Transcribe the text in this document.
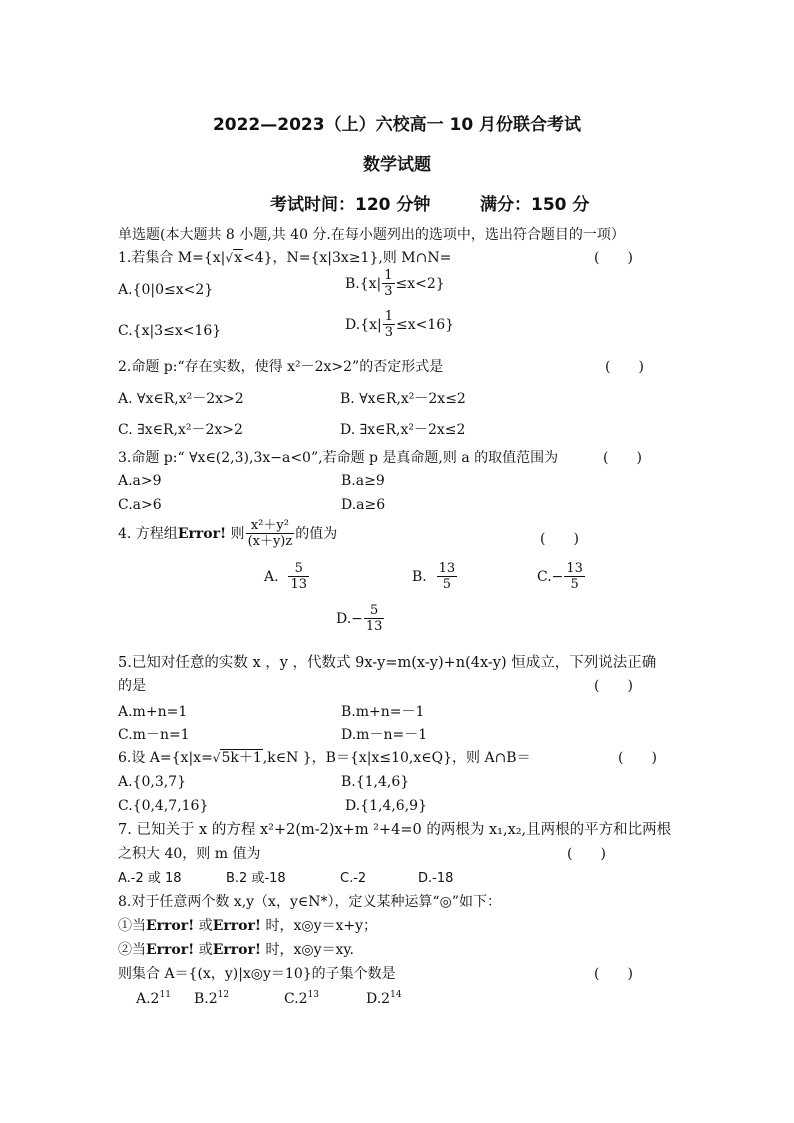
2022—2023（上）六校高一 10 月份联合考试
数学试题
考试时间：120 分钟	满分：150 分
单选题(本大题共 8 小题,共 40 分.在每小题列出的选项中，选出符合题目的一项）
1.若集合 M={x|√x<4}，N={x|3x≥1},则 M∩N=	(　　)
A.{0|0≤x<2}	$B.\{x| \frac{1}{3} \le x<2\}$
C.{x|3≤x<16}	$D.\{x| \frac{1}{3} \le x<16\}$
2.命题 p:“存在实数，使得 x²－2x>2”的否定形式是	(　　)
A. ∀x∈R,x²－2x>2	B. ∀x∈R,x²－2x≤2
C. ∃x∈R,x²－2x>2	D. ∃x∈R,x²－2x≤2
3.命题 p:“ ∀x∈(2,3),3x−a<0”,若命题 p 是真命题,则 a 的取值范围为	(　　)
A.a>9	B.a≥9
C.a>6	D.a≥6
4. 方程组Error! 则 $\frac{\text{x²＋y²}}{(x+y)z}$ 的值为	(　　)
A. $\frac{5}{13}$	B. $\frac{13}{5}$	$C.- \frac{13}{5}$
$D.- \frac{5}{13}$
5.已知对任意的实数 x ，y ，代数式 9x-y=m(x-y)+n(4x-y) 恒成立，下列说法正确
的是	(　　)
A.m+n=1	B.m+n=－1
C.m－n=1	D.m－n=－1
6.设 A={x|x=√5k＋1,k∈N }，B＝{x|x≤10,x∈Q}，则 A∩B＝	(　　)
A.{0,3,7}	B.{1,4,6}
C.{0,4,7,16}	D.{1,4,6,9}
7. 已知关于 x 的方程 x²+2(m-2)x+m ²+4=0 的两根为 x₁,x₂,且两根的平方和比两根
之积大 40，则 m 值为	(　　)
A.-2 或 18	B.2 或-18	C.-2	D.-18
8.对于任意两个数 x,y（x，y∈N*），定义某种运算“◎”如下：
①当Error! 或Error! 时，x◎y＝x+y；
②当Error! 或Error! 时，x◎y＝xy.
则集合 A＝{(x，y)|x◎y＝10}的子集个数是	(　　)
$A.2^{11}$ $B.2^{12}$	$C.2^{13}$	$D.2^{14}$
